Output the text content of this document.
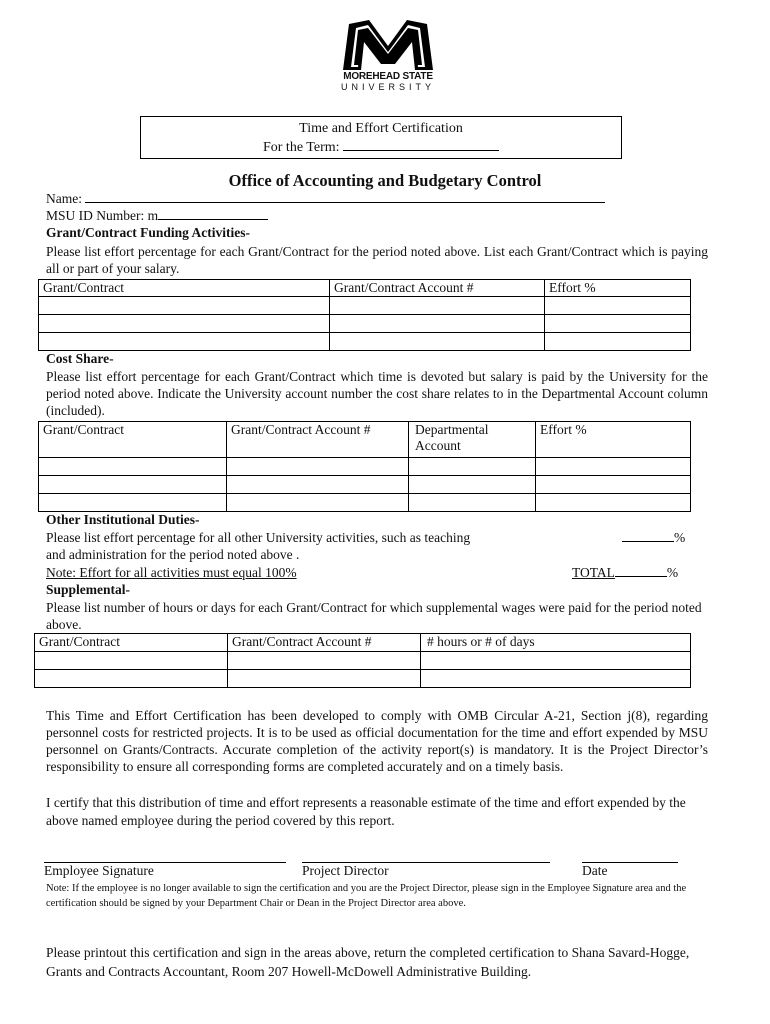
MOREHEAD STATE
UNIVERSITY
Time and Effort Certification
For the Term:
Office of Accounting and Budgetary Control
Name:
MSU ID Number: m
Grant/Contract Funding Activities-
Please list effort percentage for each Grant/Contract for the period noted above. List each Grant/Contract which is paying all or part of your salary.
Grant/Contract	Grant/Contract Account #	Effort %

Cost Share-
Please list effort percentage for each Grant/Contract which time is devoted but salary is paid by the University for the period noted above. Indicate the University account number the cost share relates to in the Departmental Account column (included).
Grant/Contract	Grant/Contract Account #	Departmental Account	Effort %

Other Institutional Duties-
Please list effort percentage for all other University activities, such as teaching	%
and administration for the period noted above .
Note: Effort for all activities must equal 100%	TOTAL	%
Supplemental-
Please list number of hours or days for each Grant/Contract for which supplemental wages were paid for the period noted above.
Grant/Contract	Grant/Contract Account #	# hours or # of days

This Time and Effort Certification has been developed to comply with OMB Circular A-21, Section j(8), regarding personnel costs for restricted projects. It is to be used as official documentation for the time and effort expended by MSU personnel on Grants/Contracts. Accurate completion of the activity report(s) is mandatory. It is the Project Director’s responsibility to ensure all corresponding forms are completed accurately and on a timely basis.
I certify that this distribution of time and effort represents a reasonable estimate of the time and effort expended by the above named employee during the period covered by this report.
Employee Signature	Project Director	Date
Note: If the employee is no longer available to sign the certification and you are the Project Director, please sign in the Employee Signature area and the certification should be signed by your Department Chair or Dean in the Project Director area above.
Please printout this certification and sign in the areas above, return the completed certification to Shana Savard-Hogge, Grants and Contracts Accountant, Room 207 Howell-McDowell Administrative Building.
